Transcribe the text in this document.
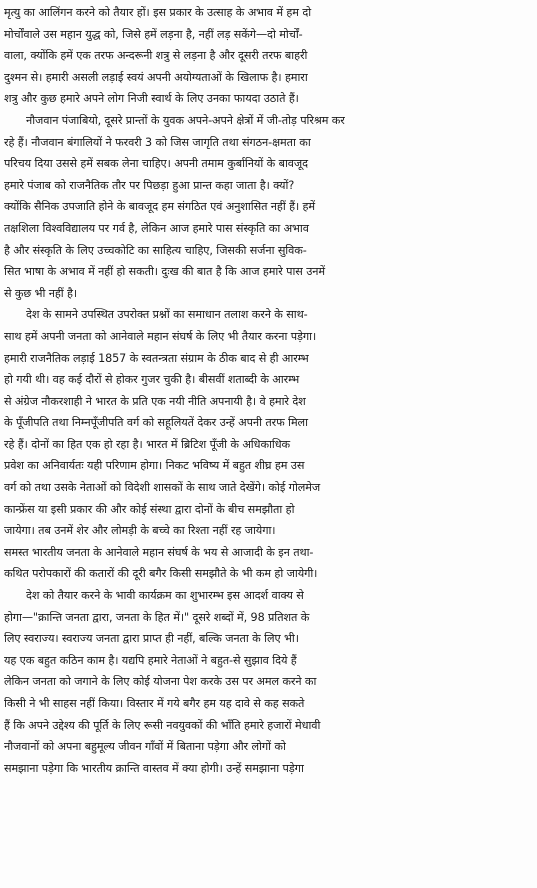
मृत्यु का आलिंगन करने को तैयार हों। इस प्रकार के उत्साह के अभाव में हम दो
मोर्चोंवाले उस महान युद्ध को, जिसे हमें लड़ना है, नहीं लड़ सकेंगे—दो मोर्चों-
वाला, क्योंकि हमें एक तरफ अन्दरूनी शत्रु से लड़ना है और दूसरी तरफ बाहरी
दुश्मन से। हमारी असली लड़ाई स्वयं अपनी अयोग्यताओं के खिलाफ है। हमारा
शत्रु और कुछ हमारे अपने लोग निजी स्वार्थ के लिए उनका फायदा उठाते हैं।
नौजवान पंजाबियो, दूसरे प्रान्तों के युवक अपने-अपने क्षेत्रों में जी-तोड़ परिश्रम कर
रहे हैं। नौजवान बंगालियों ने फरवरी 3 को जिस जागृति तथा संगठन-क्षमता का
परिचय दिया उससे हमें सबक लेना चाहिए। अपनी तमाम कुर्बानियों के बावजूद
हमारे पंजाब को राजनैतिक तौर पर पिछड़ा हुआ प्रान्त कहा जाता है। क्यों?
क्योंकि सैनिक उपजाति होने के बावजूद हम संगठित एवं अनुशासित नहीं हैं। हमें
तक्षशिला विश्वविद्यालय पर गर्व है, लेकिन आज हमारे पास संस्कृति का अभाव
है और संस्कृति के लिए उच्चकोटि का साहित्य चाहिए, जिसकी सर्जना सुविक-
सित भाषा के अभाव में नहीं हो सकती। दुःख की बात है कि आज हमारे पास उनमें
से कुछ भी नहीं है।
देश के सामने उपस्थित उपरोक्त प्रश्नों का समाधान तलाश करने के साथ-
साथ हमें अपनी जनता को आनेवाले महान संघर्ष के लिए भी तैयार करना पड़ेगा।
हमारी राजनैतिक लड़ाई 1857 के स्वतन्त्रता संग्राम के ठीक बाद से ही आरम्भ
हो गयी थी। वह कई दौरों से होकर गुजर चुकी है। बीसवीं शताब्दी के आरम्भ
से अंग्रेज नौकरशाही ने भारत के प्रति एक नयी नीति अपनायी है। वे हमारे देश
के पूँजीपति तथा निम्नपूँजीपति वर्ग को सहूलियतें देकर उन्हें अपनी तरफ मिला
रहे हैं। दोनों का हित एक हो रहा है। भारत में ब्रिटिश पूँजी के अधिकाधिक
प्रवेश का अनिवार्यतः यही परिणाम होगा। निकट भविष्य में बहुत शीघ्र हम उस
वर्ग को तथा उसके नेताओं को विदेशी शासकों के साथ जाते देखेंगे। कोई गोलमेज
कान्फ्रेंस या इसी प्रकार की और कोई संस्था द्वारा दोनों के बीच समझौता हो
जायेगा। तब उनमें शेर और लोमड़ी के बच्चे का रिश्ता नहीं रह जायेगा।
समस्त भारतीय जनता के आनेवाले महान संघर्ष के भय से आजादी के इन तथा-
कथित परोपकारों की कतारों की दूरी बगैर किसी समझौते के भी कम हो जायेगी।
देश को तैयार करने के भावी कार्यक्रम का शुभारम्भ इस आदर्श वाक्य से
होगा—"क्रान्ति जनता द्वारा, जनता के हित में।" दूसरे शब्दों में, 98 प्रतिशत के
लिए स्वराज्य। स्वराज्य जनता द्वारा प्राप्त ही नहीं, बल्कि जनता के लिए भी।
यह एक बहुत कठिन काम है। यद्यपि हमारे नेताओं ने बहुत-से सुझाव दिये हैं
लेकिन जनता को जगाने के लिए कोई योजना पेश करके उस पर अमल करने का
किसी ने भी साहस नहीं किया। विस्तार में गये बगैर हम यह दावे से कह सकते
हैं कि अपने उद्देश्य की पूर्ति के लिए रूसी नवयुवकों की भाँति हमारे हजारों मेधावी
नौजवानों को अपना बहुमूल्य जीवन गाँवों में बिताना पड़ेगा और लोगों को
समझाना पड़ेगा कि भारतीय क्रान्ति वास्तव में क्या होगी। उन्हें समझाना पड़ेगा
